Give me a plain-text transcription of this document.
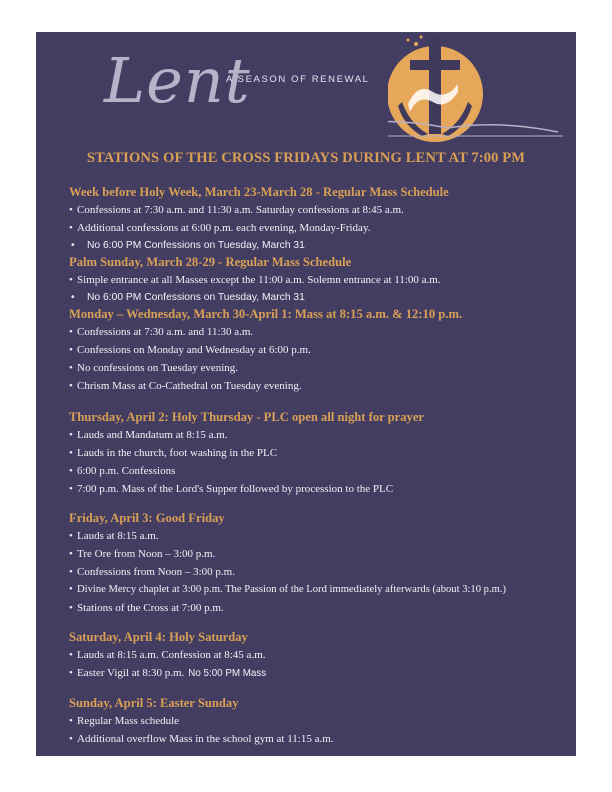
Lent
A SEASON OF RENEWAL
STATIONS OF THE CROSS FRIDAYS DURING LENT AT 7:00 PM
Week before Holy Week, March 23-March 28 - Regular Mass Schedule
• Confessions at 7:30 a.m. and 11:30 a.m. Saturday confessions at 8:45 a.m.
• Additional confessions at 6:00 p.m. each evening, Monday-Friday.
• No 6:00 PM Confessions on Tuesday, March 31
Palm Sunday, March 28-29 - Regular Mass Schedule
• Simple entrance at all Masses except the 11:00 a.m. Solemn entrance at 11:00 a.m.
• No 6:00 PM Confessions on Tuesday, March 31
Monday – Wednesday, March 30-April 1: Mass at 8:15 a.m. & 12:10 p.m.
• Confessions at 7:30 a.m. and 11:30 a.m.
• Confessions on Monday and Wednesday at 6:00 p.m.
• No confessions on Tuesday evening.
• Chrism Mass at Co-Cathedral on Tuesday evening.
Thursday, April 2: Holy Thursday - PLC open all night for prayer
• Lauds and Mandatum at 8:15 a.m.
• Lauds in the church, foot washing in the PLC
• 6:00 p.m. Confessions
• 7:00 p.m. Mass of the Lord's Supper followed by procession to the PLC
Friday, April 3: Good Friday
• Lauds at 8:15 a.m.
• Tre Ore from Noon – 3:00 p.m.
• Confessions from Noon – 3:00 p.m.
• Divine Mercy chaplet at 3:00 p.m. The Passion of the Lord immediately afterwards (about 3:10 p.m.)
• Stations of the Cross at 7:00 p.m.
Saturday, April 4: Holy Saturday
• Lauds at 8:15 a.m. Confession at 8:45 a.m.
• Easter Vigil at 8:30 p.m. No 5:00 PM Mass
Sunday, April 5: Easter Sunday
• Regular Mass schedule
• Additional overflow Mass in the school gym at 11:15 a.m.
